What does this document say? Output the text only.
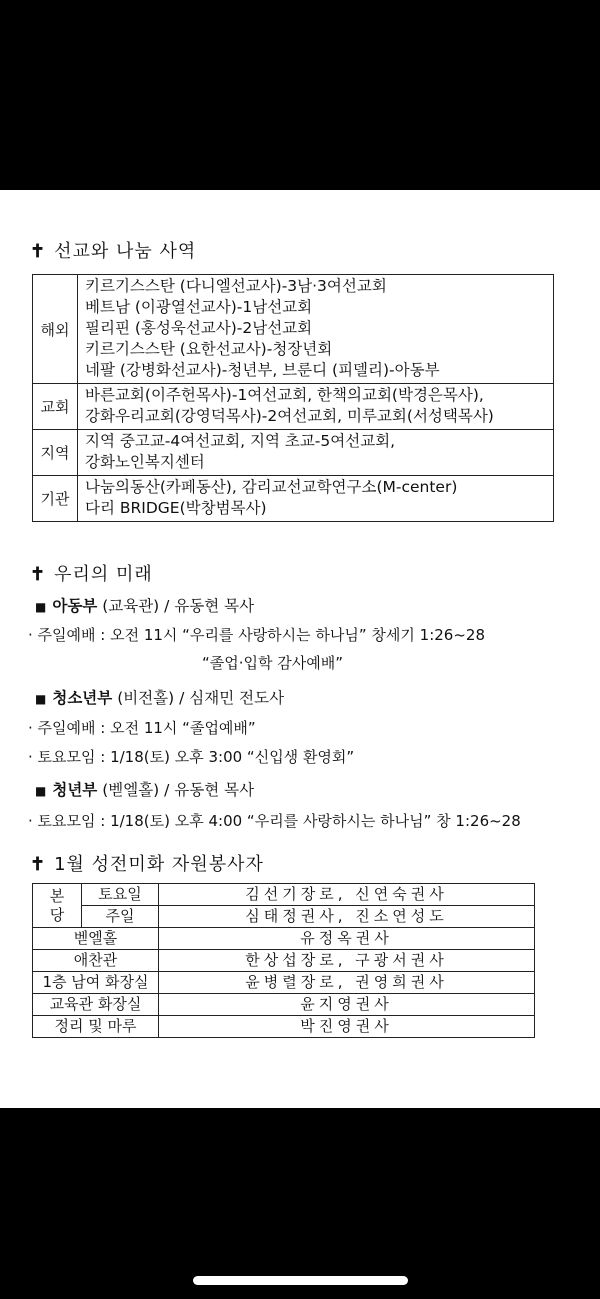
✝ 선교와 나눔 사역
해외	키르기스스탄 (다니엘선교사)-3남·3여선교회
베트남 (이광열선교사)-1남선교회
필리핀 (홍성욱선교사)-2남선교회
키르기스스탄 (요한선교사)-청장년회
네팔 (강병화선교사)-청년부, 브룬디 (피델리)-아동부

교회	바른교회(이주헌목사)-1여선교회, 한책의교회(박경은목사),
강화우리교회(강영덕목사)-2여선교회, 미루교회(서성택목사)

지역	지역 중고교-4여선교회, 지역 초교-5여선교회,
강화노인복지센터

기관	나눔의동산(카페동산), 감리교선교학연구소(M-center)
다리 BRIDGE(박창범목사)
✝ 우리의 미래
■ 아동부 (교육관) / 유동현 목사
· 주일예배 : 오전 11시 “우리를 사랑하시는 하나님” 창세기 1:26~28
“졸업·입학 감사예배”
■ 청소년부 (비전홀) / 심재민 전도사
· 주일예배 : 오전 11시 “졸업예배”
· 토요모임 : 1/18(토) 오후 3:00 “신입생 환영회”
■ 청년부 (벧엘홀) / 유동현 목사
· 토요모임 : 1/18(토) 오후 4:00 “우리를 사랑하시는 하나님” 창 1:26~28
✝ 1월 성전미화 자원봉사자
본
당	토요일	김선기장로, 신연숙권사
	주일	심태정권사, 진소연성도
벧엘홀		유정옥권사
애찬관		한상섭장로, 구광서권사
1층 남여 화장실		윤병렬장로, 권영희권사
교육관 화장실		윤지영권사
정리 및 마루		박진영권사
